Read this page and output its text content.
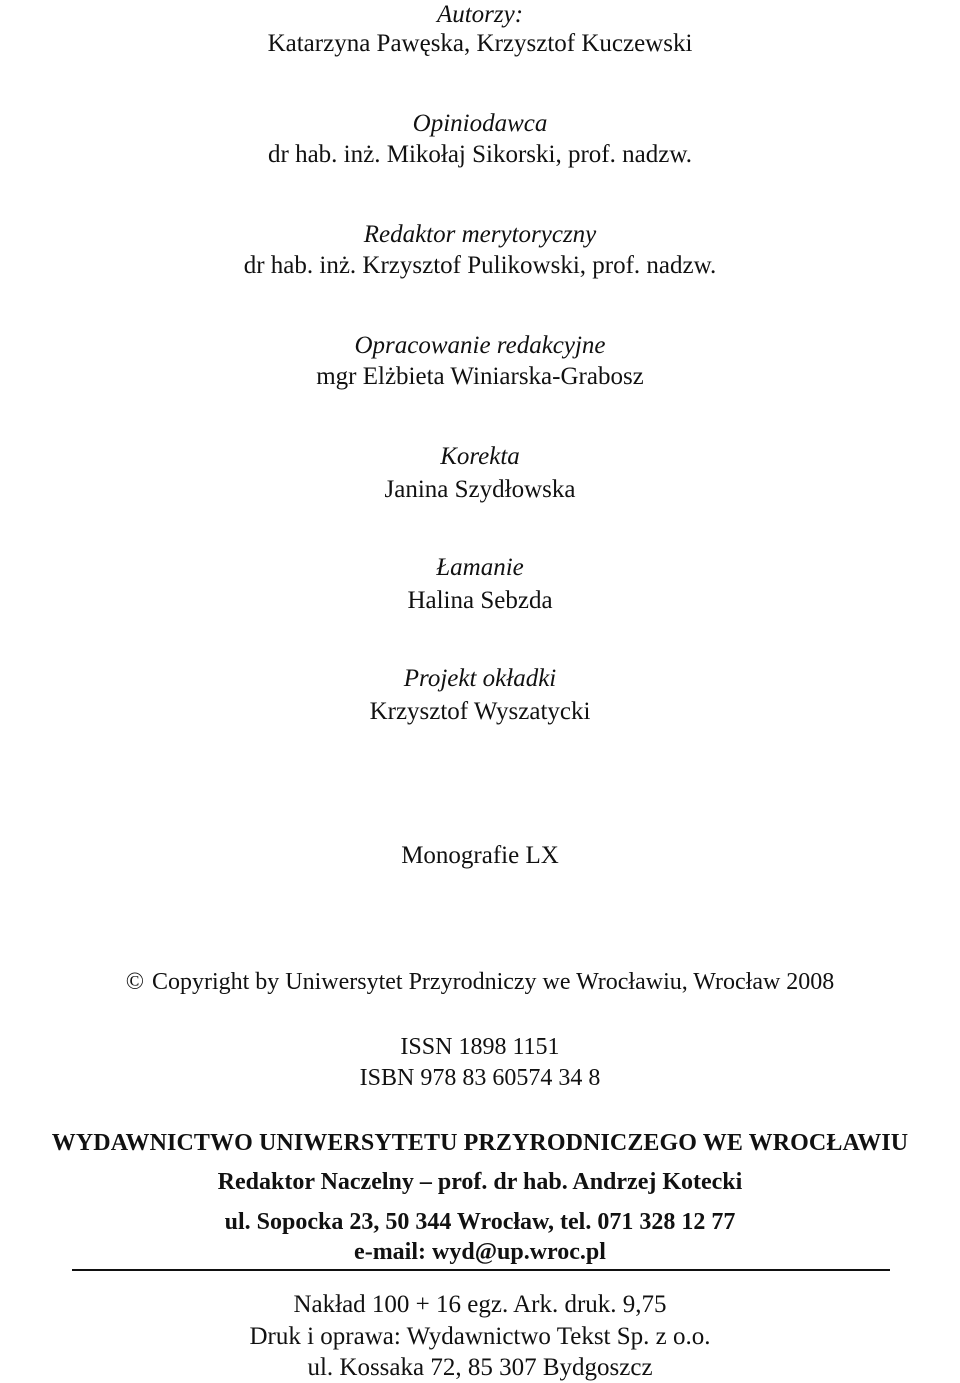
Autorzy:
Katarzyna Pawęska, Krzysztof Kuczewski
Opiniodawca
dr hab. inż. Mikołaj Sikorski, prof. nadzw.
Redaktor merytoryczny
dr hab. inż. Krzysztof Pulikowski, prof. nadzw.
Opracowanie redakcyjne
mgr Elżbieta Winiarska-Grabosz
Korekta
Janina Szydłowska
Łamanie
Halina Sebzda
Projekt okładki
Krzysztof Wyszatycki
Monografie LX
© Copyright by Uniwersytet Przyrodniczy we Wrocławiu, Wrocław 2008
ISSN 1898 1151
ISBN 978 83 60574 34 8
WYDAWNICTWO UNIWERSYTETU PRZYRODNICZEGO WE WROCŁAWIU
Redaktor Naczelny – prof. dr hab. Andrzej Kotecki
ul. Sopocka 23, 50 344 Wrocław, tel. 071 328 12 77
e-mail: wyd@up.wroc.pl
Nakład 100 + 16 egz. Ark. druk. 9,75
Druk i oprawa: Wydawnictwo Tekst Sp. z o.o.
ul. Kossaka 72, 85 307 Bydgoszcz
